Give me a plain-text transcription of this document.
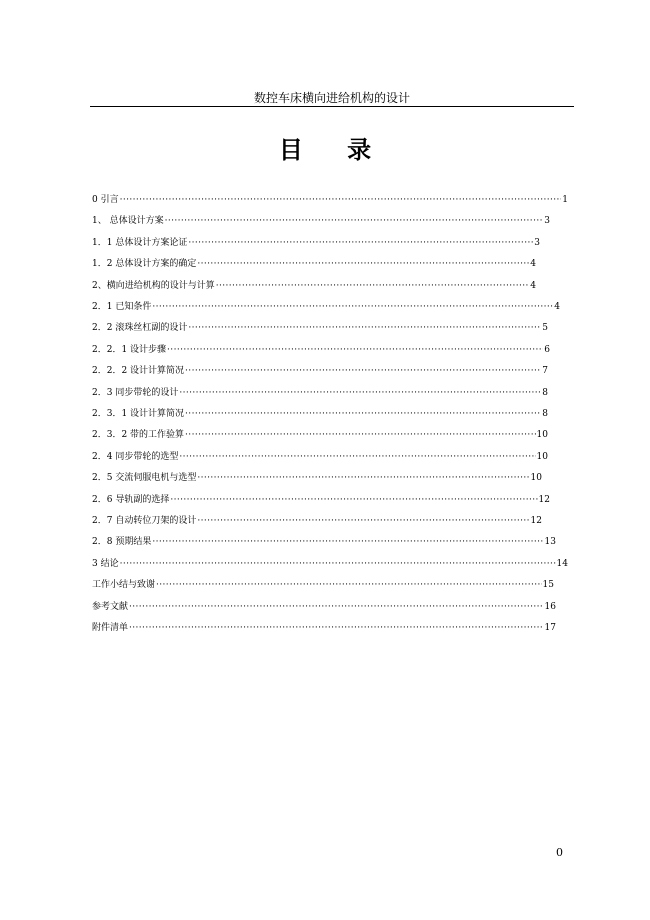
数控车床横向进给机构的设计
目 录
0 引言 ·····	1
1、 总体设计方案 ·····	3
1．1 总体设计方案论证 ·····	3
1．2 总体设计方案的确定 ·····	4
2、横向进给机构的设计与计算 ·····	4
2．1 已知条件 ·····	4
2．2 滚珠丝杠副的设计 ·····	5
2．2．1 设计步骤 ·····	6
2．2．2 设计计算简况 ·····	7
2．3 同步带轮的设计 ·····	8
2．3．1 设计计算简况 ·····	8
2．3．2 带的工作验算 ·····	10
2．4 同步带轮的选型 ·····	10
2．5 交流伺服电机与选型 ·····	10
2．6 导轨副的选择 ·····	12
2．7 自动转位刀架的设计 ·····	12
2．8 预期结果 ·····	13
3 结论 ·····	14
工作小结与致谢 ·····	15
参考文献 ·····	16
附件清单 ·····	17
0
